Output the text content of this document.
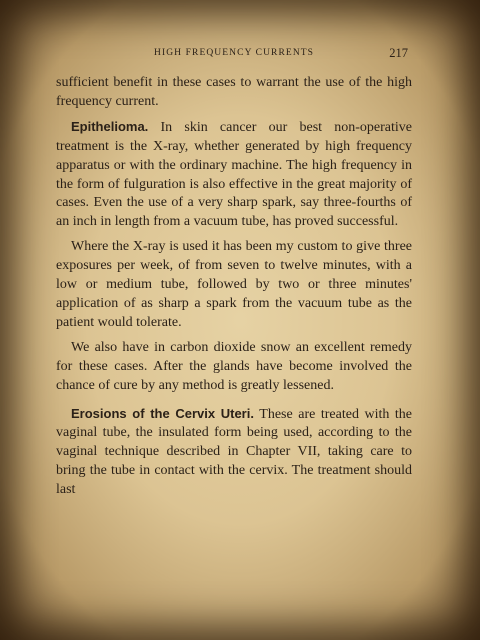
HIGH FREQUENCY CURRENTS	217

sufficient benefit in these cases to warrant the use of the high frequency current.

Epithelioma. In skin cancer our best non-operative treatment is the X-ray, whether generated by high frequency apparatus or with the ordinary machine. The high frequency in the form of fulguration is also effective in the great majority of cases. Even the use of a very sharp spark, say three-fourths of an inch in length from a vacuum tube, has proved successful.

Where the X-ray is used it has been my custom to give three exposures per week, of from seven to twelve minutes, with a low or medium tube, followed by two or three minutes' application of as sharp a spark from the vacuum tube as the patient would tolerate.

We also have in carbon dioxide snow an excellent remedy for these cases. After the glands have become involved the chance of cure by any method is greatly lessened.

Erosions of the Cervix Uteri. These are treated with the vaginal tube, the insulated form being used, according to the vaginal technique described in Chapter VII, taking care to bring the tube in contact with the cervix. The treatment should last
